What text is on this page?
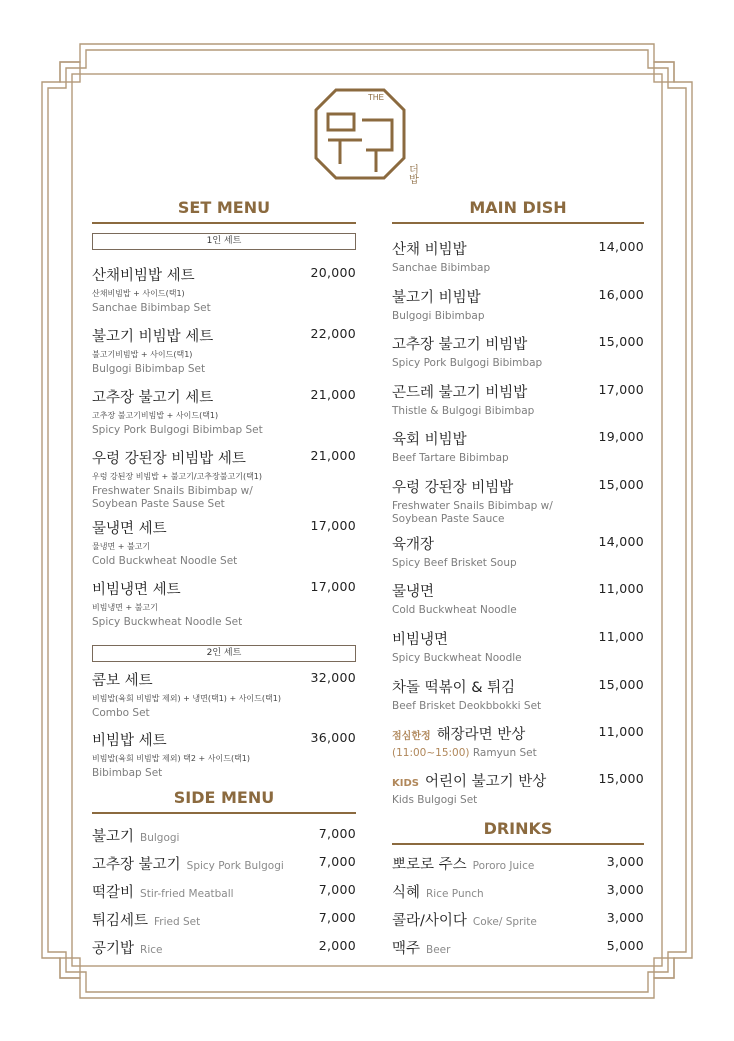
THE
더밥
SET MENU
1인 세트
산채비빔밥 세트	20,000
산채비빔밥 + 사이드(택1)
Sanchae Bibimbap Set
불고기 비빔밥 세트	22,000
불고기비빔밥 + 사이드(택1)
Bulgogi Bibimbap Set
고추장 불고기 세트	21,000
고추장 불고기비빔밥 + 사이드(택1)
Spicy Pork Bulgogi Bibimbap Set
우렁 강된장 비빔밥 세트	21,000
우렁 강된장 비빔밥 + 불고기/고추장불고기(택1)
Freshwater Snails Bibimbap w/
Soybean Paste Sause Set
물냉면 세트	17,000
물냉면 + 불고기
Cold Buckwheat Noodle Set
비빔냉면 세트	17,000
비빔냉면 + 불고기
Spicy Buckwheat Noodle Set
2인 세트
콤보 세트	32,000
비빔밥(육회 비빔밥 제외) + 냉면(택1) + 사이드(택1)
Combo Set
비빔밥 세트	36,000
비빔밥(육회 비빔밥 제외) 택2 + 사이드(택1)
Bibimbap Set
SIDE MENU
불고기 Bulgogi	7,000
고추장 불고기 Spicy Pork Bulgogi	7,000
떡갈비 Stir-fried Meatball	7,000
튀김세트 Fried Set	7,000
공기밥 Rice	2,000
MAIN DISH
산채 비빔밥	14,000
Sanchae Bibimbap
불고기 비빔밥	16,000
Bulgogi Bibimbap
고추장 불고기 비빔밥	15,000
Spicy Pork Bulgogi Bibimbap
곤드레 불고기 비빔밥	17,000
Thistle & Bulgogi Bibimbap
육회 비빔밥	19,000
Beef Tartare Bibimbap
우렁 강된장 비빔밥	15,000
Freshwater Snails Bibimbap w/
Soybean Paste Sauce
육개장	14,000
Spicy Beef Brisket Soup
물냉면	11,000
Cold Buckwheat Noodle
비빔냉면	11,000
Spicy Buckwheat Noodle
차돌 떡볶이 & 튀김	15,000
Beef Brisket Deokbbokki Set
점심한정 해장라면 반상	11,000
(11:00~15:00) Ramyun Set
KIDS 어린이 불고기 반상	15,000
Kids Bulgogi Set
DRINKS
뽀로로 주스 Pororo Juice	3,000
식혜 Rice Punch	3,000
콜라/사이다 Coke/ Sprite	3,000
맥주 Beer	5,000
